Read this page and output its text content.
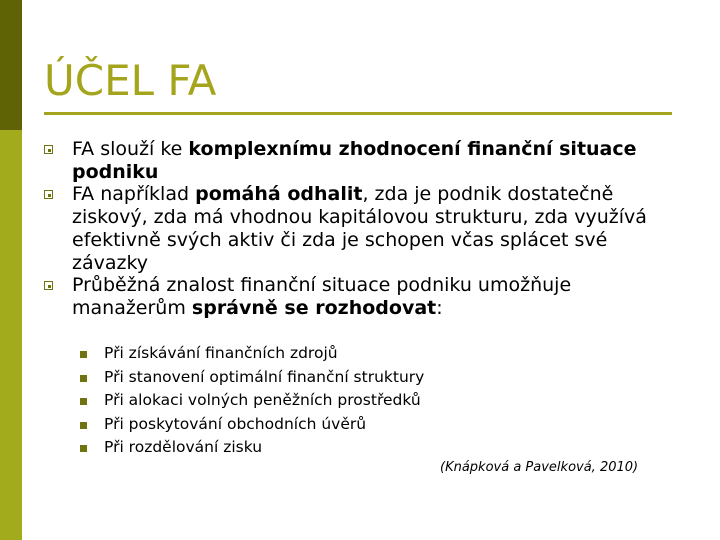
ÚČEL FA
FA slouží ke komplexnímu zhodnocení finanční situace podniku
FA například pomáhá odhalit, zda je podnik dostatečně ziskový, zda má vhodnou kapitálovou strukturu, zda využívá efektivně svých aktiv či zda je schopen včas splácet své závazky
Průběžná znalost finanční situace podniku umožňuje manažerům správně se rozhodovat:
Při získávání finančních zdrojů
Při stanovení optimální finanční struktury
Při alokaci volných peněžních prostředků
Při poskytování obchodních úvěrů
Při rozdělování zisku
(Knápková a Pavelková, 2010)
